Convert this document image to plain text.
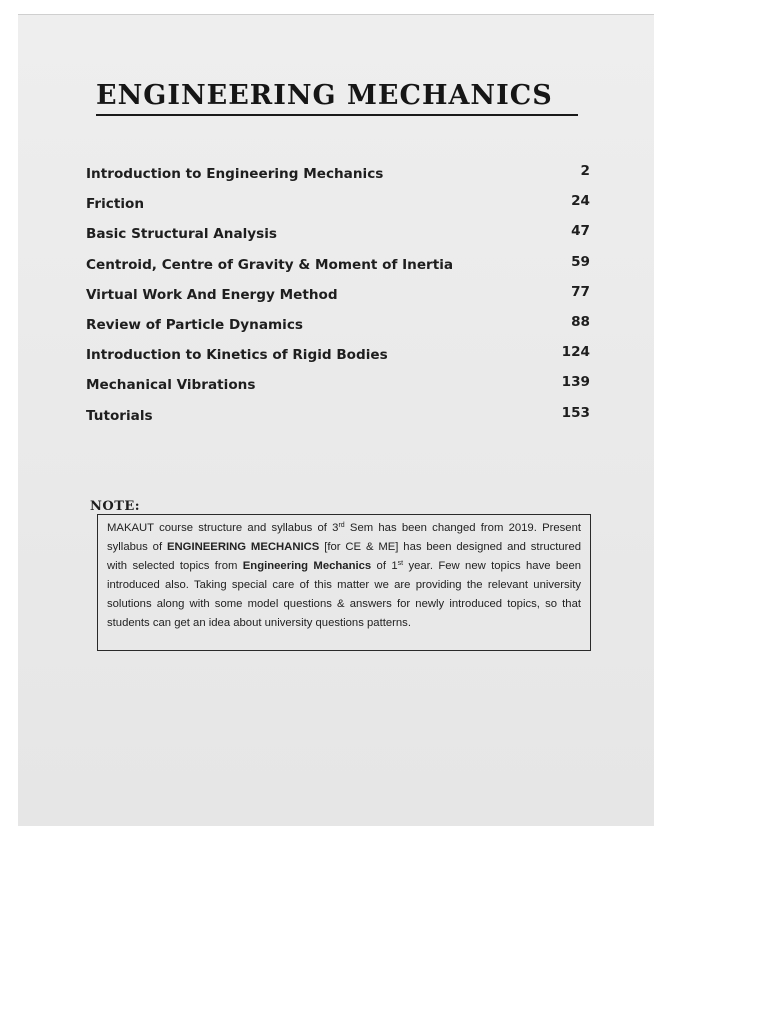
ENGINEERING MECHANICS
Introduction to Engineering Mechanics	2
Friction	24
Basic Structural Analysis	47
Centroid, Centre of Gravity & Moment of Inertia	59
Virtual Work And Energy Method	77
Review of Particle Dynamics	88
Introduction to Kinetics of Rigid Bodies	124
Mechanical Vibrations	139
Tutorials	153
NOTE:

MAKAUT course structure and syllabus of 3rd Sem has been changed from 2019. Present syllabus of ENGINEERING MECHANICS [for CE & ME] has been designed and structured with selected topics from Engineering Mechanics of 1st year. Few new topics have been introduced also. Taking special care of this matter we are providing the relevant university solutions along with some model questions & answers for newly introduced topics, so that students can get an idea about university questions patterns.
